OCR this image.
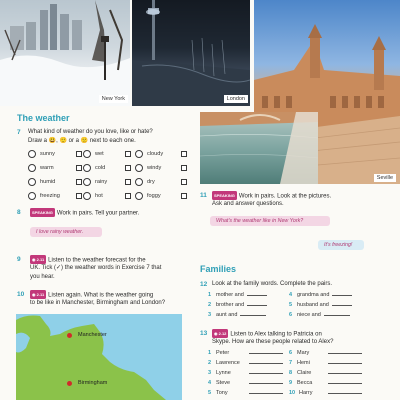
New York	London
Seville
The weather
7 What kind of weather do you love, like or hate?
Draw a 😃, 🙂 or a 🙁 next to each one.
sunny	wet	cloudy
warm	cold	windy
humid	rainy	dry
freezing	hot	foggy
8	SPEAKING Work in pairs. Tell your partner.
I love rainy weather.
9	◉ 2.11 Listen to the weather forecast for the
UK. Tick (✓) the weather words in Exercise 7 that
you hear.
10	◉ 2.11 Listen again. What is the weather going
to be like in Manchester, Birmingham and London?
Manchester
Birmingham
11	SPEAKING Work in pairs. Look at the pictures.
Ask and answer questions.
What's the weather like in New York?
It's freezing!
Families
12 Look at the family words. Complete the pairs.
1 mother and	4 grandma and
2 brother and	5 husband and
3 aunt and	6 niece and
13	◉ 2.12 Listen to Alex talking to Patricia on
Skype. How are these people related to Alex?
1 Peter	6 Mary
2 Lawrence	7 Hemi
3 Lynne	8 Claire
4 Steve	9 Becca
5 Tony	10 Harry
